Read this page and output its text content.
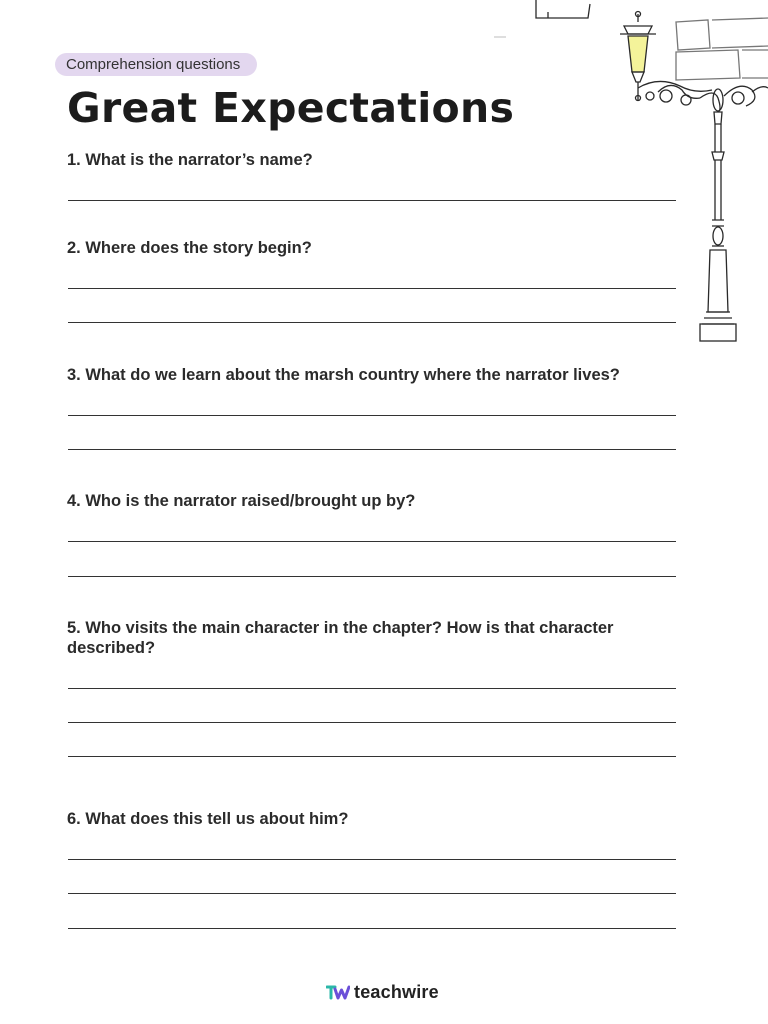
Comprehension questions
Great Expectations
1. What is the narrator’s name?
2. Where does the story begin?
3. What do we learn about the marsh country where the narrator lives?
4. Who is the narrator raised/brought up by?
5. Who visits the main character in the chapter? How is that character described?
6. What does this tell us about him?
teachwire
